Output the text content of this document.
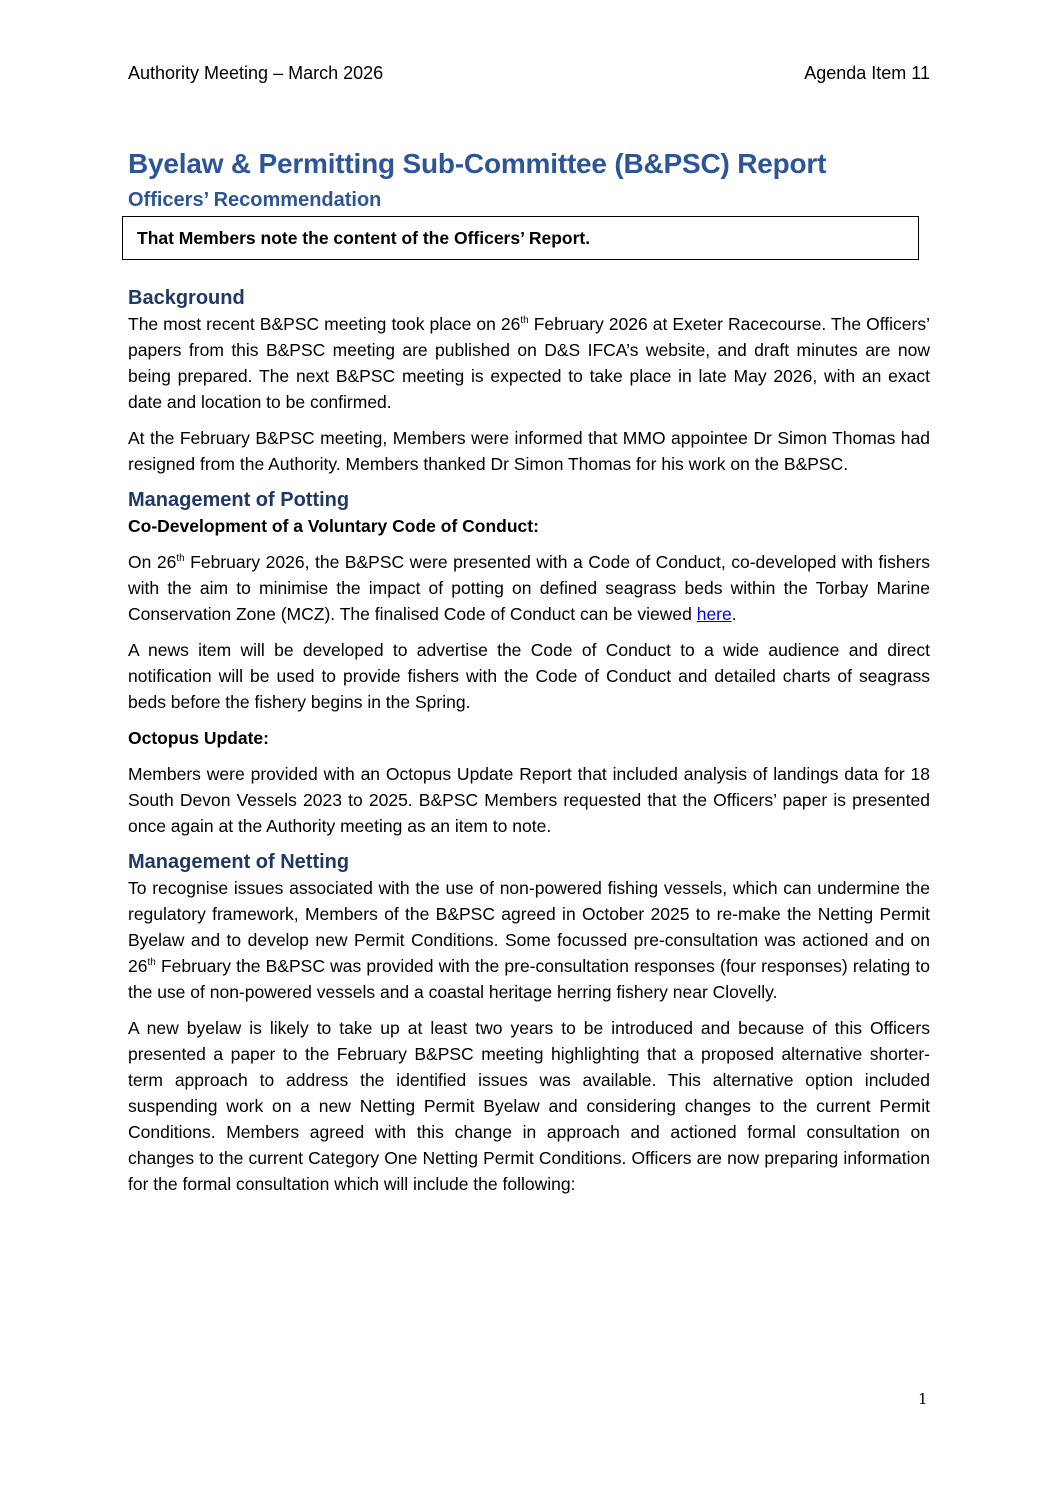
Authority Meeting – March 2026	Agenda Item 11
Byelaw & Permitting Sub-Committee (B&PSC) Report
Officers’ Recommendation
That Members note the content of the Officers’ Report.
Background

The most recent B&PSC meeting took place on 26th February 2026 at Exeter Racecourse. The Officers’ papers from this B&PSC meeting are published on D&S IFCA’s website, and draft minutes are now being prepared. The next B&PSC meeting is expected to take place in late May 2026, with an exact date and location to be confirmed.

At the February B&PSC meeting, Members were informed that MMO appointee Dr Simon Thomas had resigned from the Authority. Members thanked Dr Simon Thomas for his work on the B&PSC.

Management of Potting
Co-Development of a Voluntary Code of Conduct:

On 26th February 2026, the B&PSC were presented with a Code of Conduct, co-developed with fishers with the aim to minimise the impact of potting on defined seagrass beds within the Torbay Marine Conservation Zone (MCZ). The finalised Code of Conduct can be viewed here.

A news item will be developed to advertise the Code of Conduct to a wide audience and direct notification will be used to provide fishers with the Code of Conduct and detailed charts of seagrass beds before the fishery begins in the Spring.

Octopus Update:

Members were provided with an Octopus Update Report that included analysis of landings data for 18 South Devon Vessels 2023 to 2025. B&PSC Members requested that the Officers’ paper is presented once again at the Authority meeting as an item to note.

Management of Netting

To recognise issues associated with the use of non-powered fishing vessels, which can undermine the regulatory framework, Members of the B&PSC agreed in October 2025 to re-make the Netting Permit Byelaw and to develop new Permit Conditions. Some focussed pre-consultation was actioned and on 26th February the B&PSC was provided with the pre-consultation responses (four responses) relating to the use of non-powered vessels and a coastal heritage herring fishery near Clovelly.

A new byelaw is likely to take up at least two years to be introduced and because of this Officers presented a paper to the February B&PSC meeting highlighting that a proposed alternative shorter-term approach to address the identified issues was available. This alternative option included suspending work on a new Netting Permit Byelaw and considering changes to the current Permit Conditions. Members agreed with this change in approach and actioned formal consultation on changes to the current Category One Netting Permit Conditions. Officers are now preparing information for the formal consultation which will include the following:

1
